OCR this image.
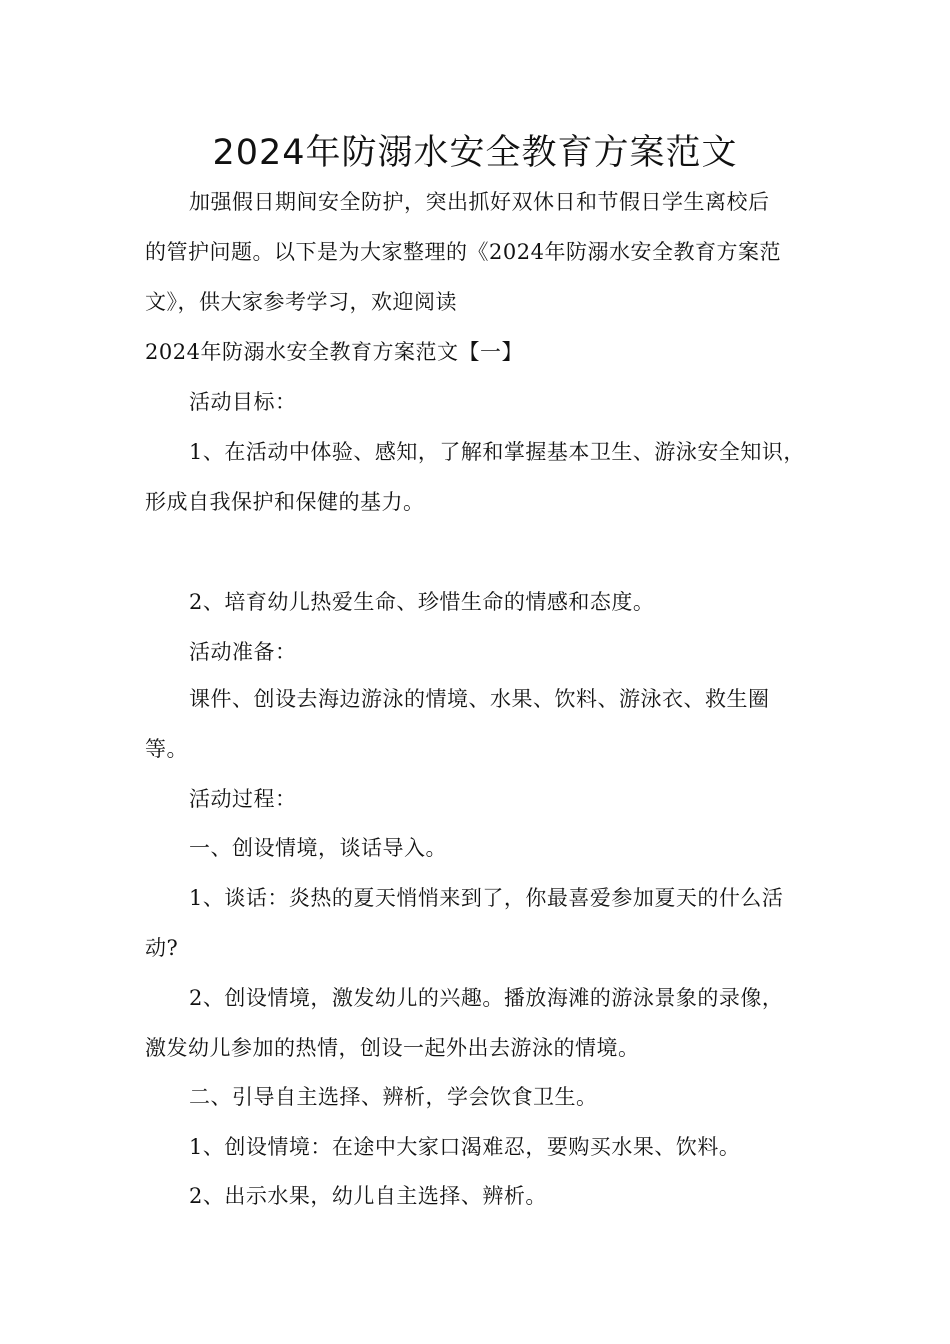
2024年防溺水安全教育方案范文
加强假日期间安全防护，突出抓好双休日和节假日学生离校后
的管护问题。以下是为大家整理的《2024年防溺水安全教育方案范
文》，供大家参考学习，欢迎阅读
2024年防溺水安全教育方案范文【一】
活动目标：
1、在活动中体验、感知，了解和掌握基本卫生、游泳安全知识，
形成自我保护和保健的基力。
2、培育幼儿热爱生命、珍惜生命的情感和态度。
活动准备：
课件、创设去海边游泳的情境、水果、饮料、游泳衣、救生圈
等。
活动过程：
一、创设情境，谈话导入。
1、谈话：炎热的夏天悄悄来到了，你最喜爱参加夏天的什么活
动?
2、创设情境，激发幼儿的兴趣。播放海滩的游泳景象的录像，
激发幼儿参加的热情，创设一起外出去游泳的情境。
二、引导自主选择、辨析，学会饮食卫生。
1、创设情境：在途中大家口渴难忍，要购买水果、饮料。
2、出示水果，幼儿自主选择、辨析。
